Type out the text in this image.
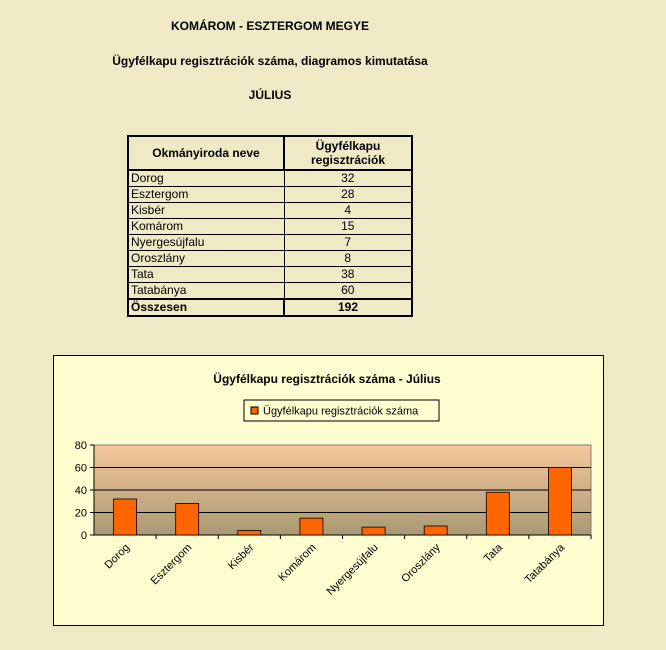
KOMÁROM - ESZTERGOM MEGYE
Ügyfélkapu regisztrációk száma, diagramos kimutatása
JÚLIUS
Okmányiroda neve	Ügyfélkapu
regisztrációk
Dorog	32
Esztergom	28
Kisbér	4
Komárom	15
Nyergesújfalu	7
Oroszlány	8
Tata	38
Tatabánya	60
Összesen	192
Ügyfélkapu regisztrációk száma - Július
Ügyfélkapu regisztrációk száma
0
20
40
60
80
Dorog Esztergom	Kisbér Komárom Nyergesújfalu Oroszlány	Tata Tatabánya
